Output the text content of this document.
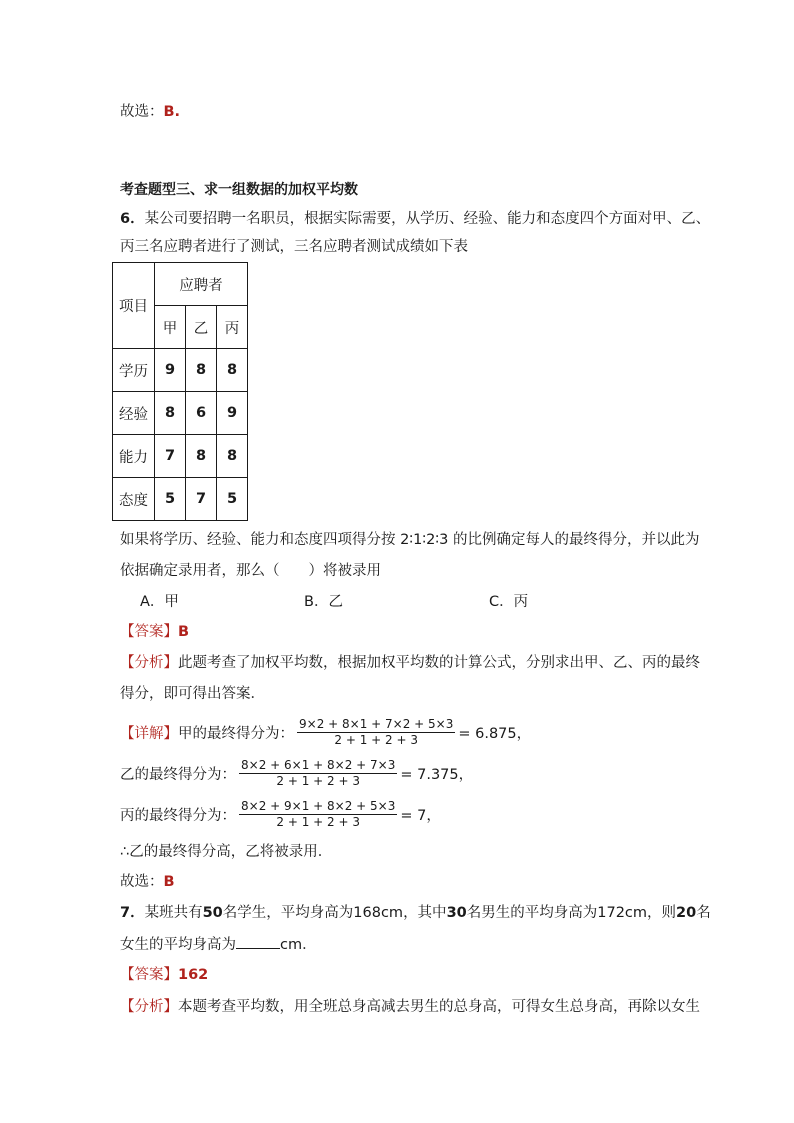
故选：B.
考查题型三、求一组数据的加权平均数
6．某公司要招聘一名职员，根据实际需要，从学历、经验、能力和态度四个方面对甲、乙、
丙三名应聘者进行了测试，三名应聘者测试成绩如下表
项目	应聘者		
	甲	乙	丙
学历	9	8	8
经验	8	6	9
能力	7	8	8
态度	5	7	5
如果将学历、经验、能力和态度四项得分按 2∶1∶2∶3 的比例确定每人的最终得分，并以此为
依据确定录用者，那么（　　）将被录用
A．甲	B．乙	C．丙
【答案】B
【分析】此题考查了加权平均数，根据加权平均数的计算公式，分别求出甲、乙、丙的最终
得分，即可得出答案．
【详解】 甲的最终得分为： $\frac{9\times 2 + 8\times 1 + 7\times 2 + 5\times 3}{2 + 1 + 2 + 3} = 6.875$，
乙的最终得分为： $\frac{8\times 2 + 6\times 1 + 8\times 2 + 7\times 3}{2 + 1 + 2 + 3} = 7.375$，
丙的最终得分为： $\frac{8\times 2 + 9\times 1 + 8\times 2 + 5\times 3}{2 + 1 + 2 + 3} = 7$，
∴乙的最终得分高，乙将被录用．
故选：B
7．某班共有50名学生，平均身高为168cm，其中30名男生的平均身高为172cm，则20名
女生的平均身高为	cm．
【答案】162
【分析】本题考查平均数，用全班总身高减去男生的总身高，可得女生总身高，再除以女生
